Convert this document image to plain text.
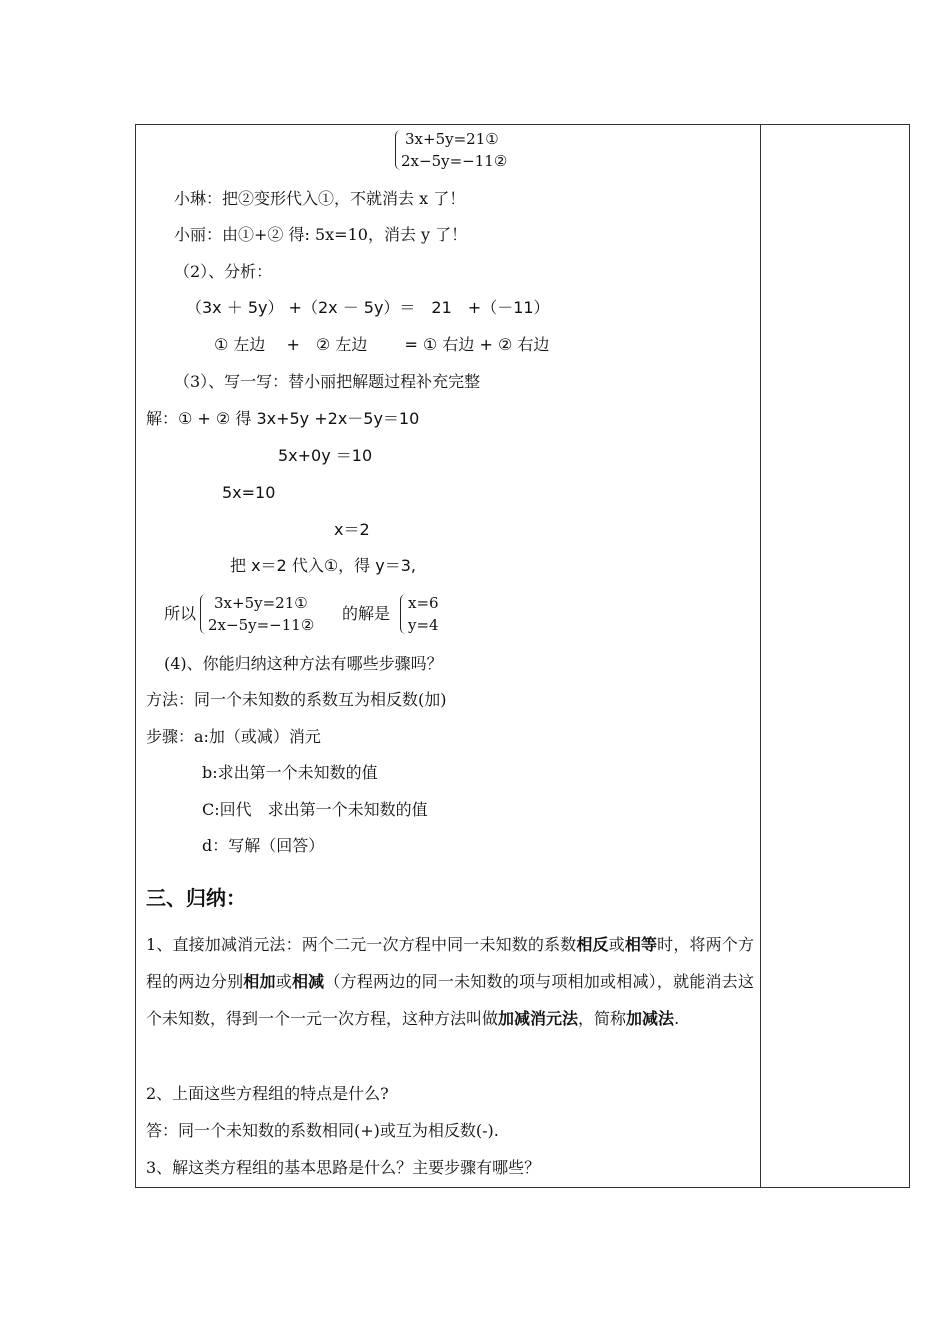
3x+5y=21①
2x−5y=−11②
小琳：把②变形代入①，不就消去 x 了！
小丽：由①+② 得: 5x=10，消去 y 了！
（2）、分析：
（3x ＋ 5y） +（2x － 5y）＝　21　+（－11）
① 左边　 +　② 左边　　 = ① 右边 + ② 右边
（3）、写一写：替小丽把解题过程补充完整
解：① + ② 得 3x+5y +2x－5y＝10
5x+0y ＝10
5x=10
x＝2
把 x＝2 代入①，得 y＝3,
所以
3x+5y=21①
2x−5y=−11②
的解是
x=6
y=4
(4)、你能归纳这种方法有哪些步骤吗？
方法：同一个未知数的系数互为相反数(加)
步骤：a:加（或减）消元
b:求出第一个未知数的值
C:回代　求出第一个未知数的值
d：写解（回答）
三、归纳：
1、直接加减消元法：两个二元一次方程中同一未知数的系数相反或相等时，将两个方程的两边分别相加或相减（方程两边的同一未知数的项与项相加或相减），就能消去这个未知数，得到一个一元一次方程，这种方法叫做加减消元法，简称加减法.
2、上面这些方程组的特点是什么?
答：同一个未知数的系数相同(+)或互为相反数(-).
3、解这类方程组的基本思路是什么？主要步骤有哪些？
